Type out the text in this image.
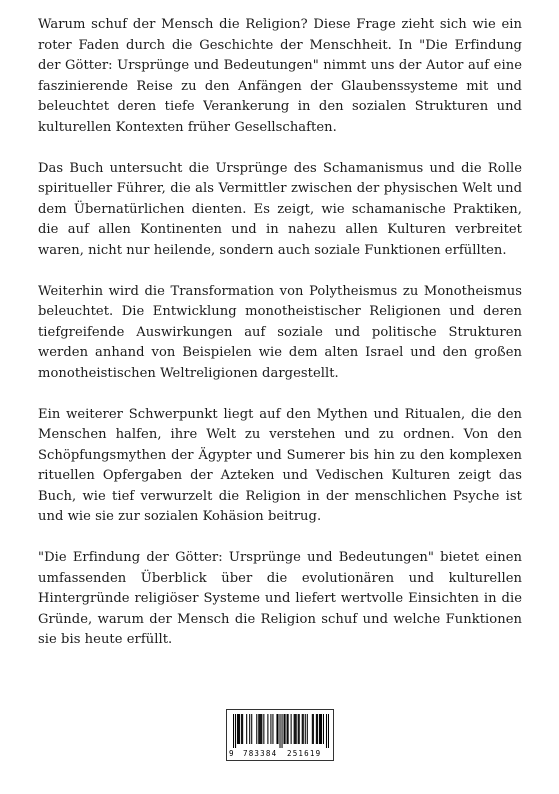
Warum schuf der Mensch die Religion? Diese Frage zieht sich wie ein roter Faden durch die Geschichte der Menschheit. In "Die Erfindung der Götter: Ursprünge und Bedeutungen" nimmt uns der Autor auf eine faszinierende Reise zu den Anfängen der Glaubenssysteme mit und beleuchtet deren tiefe Verankerung in den sozialen Strukturen und kulturellen Kontexten früher Gesellschaften.

Das Buch untersucht die Ursprünge des Schamanismus und die Rolle spiritueller Führer, die als Vermittler zwischen der physischen Welt und dem Übernatürlichen dienten. Es zeigt, wie schamanische Praktiken, die auf allen Kontinenten und in nahezu allen Kulturen verbreitet waren, nicht nur heilende, sondern auch soziale Funktionen erfüllten.

Weiterhin wird die Transformation von Polytheismus zu Monotheismus beleuchtet. Die Entwicklung monotheistischer Religionen und deren tiefgreifende Auswirkungen auf soziale und politische Strukturen werden anhand von Beispielen wie dem alten Israel und den großen monotheistischen Weltreligionen dargestellt.

Ein weiterer Schwerpunkt liegt auf den Mythen und Ritualen, die den Menschen halfen, ihre Welt zu verstehen und zu ordnen. Von den Schöpfungsmythen der Ägypter und Sumerer bis hin zu den komplexen rituellen Opfergaben der Azteken und Vedischen Kulturen zeigt das Buch, wie tief verwurzelt die Religion in der menschlichen Psyche ist und wie sie zur sozialen Kohäsion beitrug.

"Die Erfindung der Götter: Ursprünge und Bedeutungen" bietet einen umfassenden Überblick über die evolutionären und kulturellen Hintergründe religiöser Systeme und liefert wertvolle Einsichten in die Gründe, warum der Mensch die Religion schuf und welche Funktionen sie bis heute erfüllt.

9 783384 251619
